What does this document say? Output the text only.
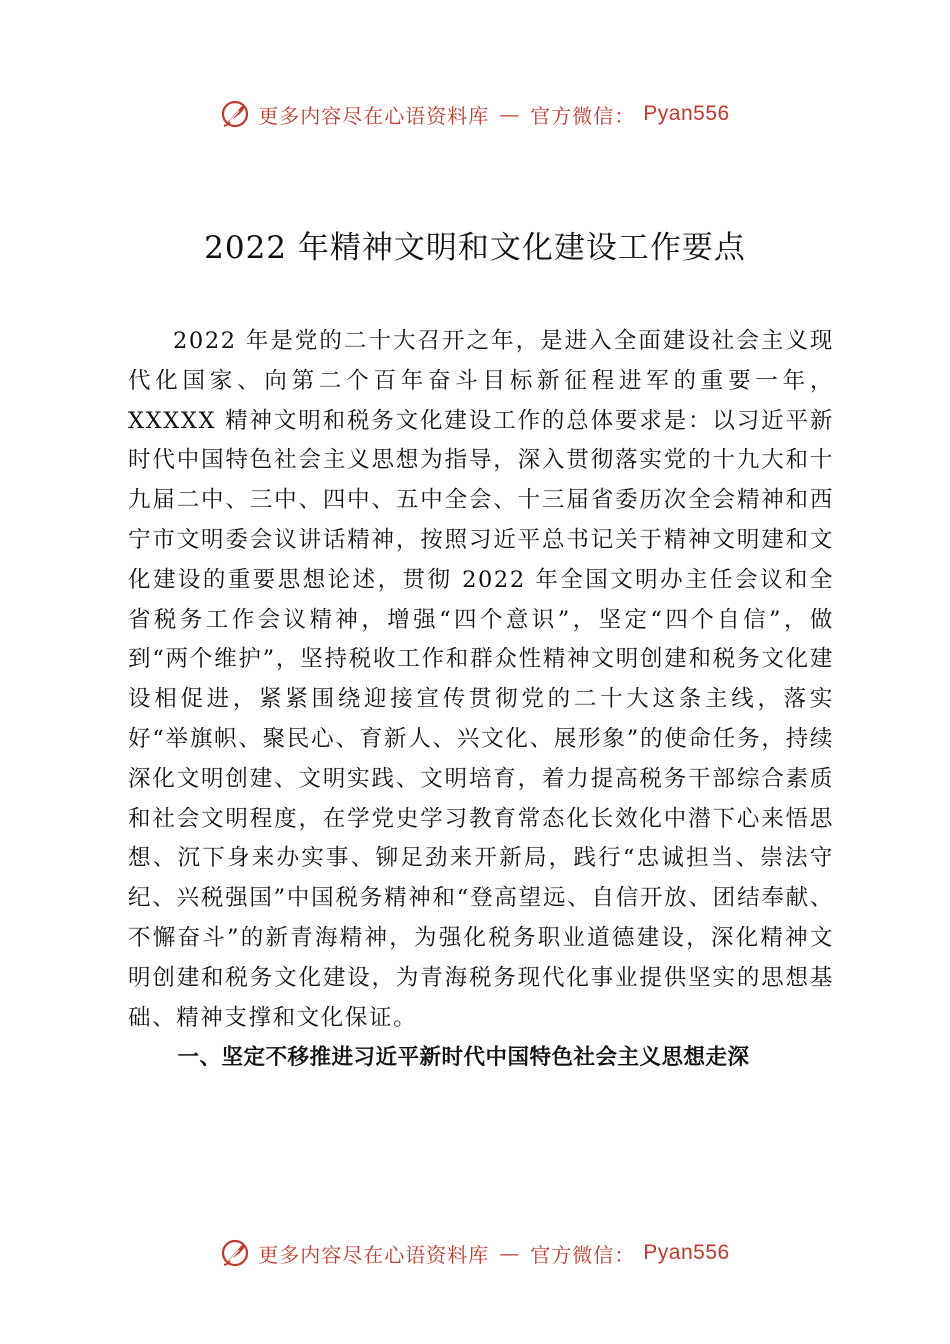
更多内容尽在心语资料库 — 官方微信： Pyan556
2022 年精神文明和文化建设工作要点

2022 年是党的二十大召开之年，是进入全面建设社会主义现代化国家、向第二个百年奋斗目标新征程进军的重要一年，XXXXX 精神文明和税务文化建设工作的总体要求是：以习近平新时代中国特色社会主义思想为指导，深入贯彻落实党的十九大和十九届二中、三中、四中、五中全会、十三届省委历次全会精神和西宁市文明委会议讲话精神，按照习近平总书记关于精神文明建和文化建设的重要思想论述，贯彻 2022 年全国文明办主任会议和全省税务工作会议精神，增强“四个意识”，坚定“四个自信”，做到“两个维护”，坚持税收工作和群众性精神文明创建和税务文化建设相促进，紧紧围绕迎接宣传贯彻党的二十大这条主线，落实好“举旗帜、聚民心、育新人、兴文化、展形象”的使命任务，持续深化文明创建、文明实践、文明培育，着力提高税务干部综合素质和社会文明程度，在学党史学习教育常态化长效化中潜下心来悟思想、沉下身来办实事、铆足劲来开新局，践行“忠诚担当、崇法守纪、兴税强国”中国税务精神和“登高望远、自信开放、团结奉献、不懈奋斗”的新青海精神，为强化税务职业道德建设，深化精神文明创建和税务文化建设，为青海税务现代化事业提供坚实的思想基础、精神支撑和文化保证。

一、坚定不移推进习近平新时代中国特色社会主义思想走深

更多内容尽在心语资料库 — 官方微信： Pyan556
